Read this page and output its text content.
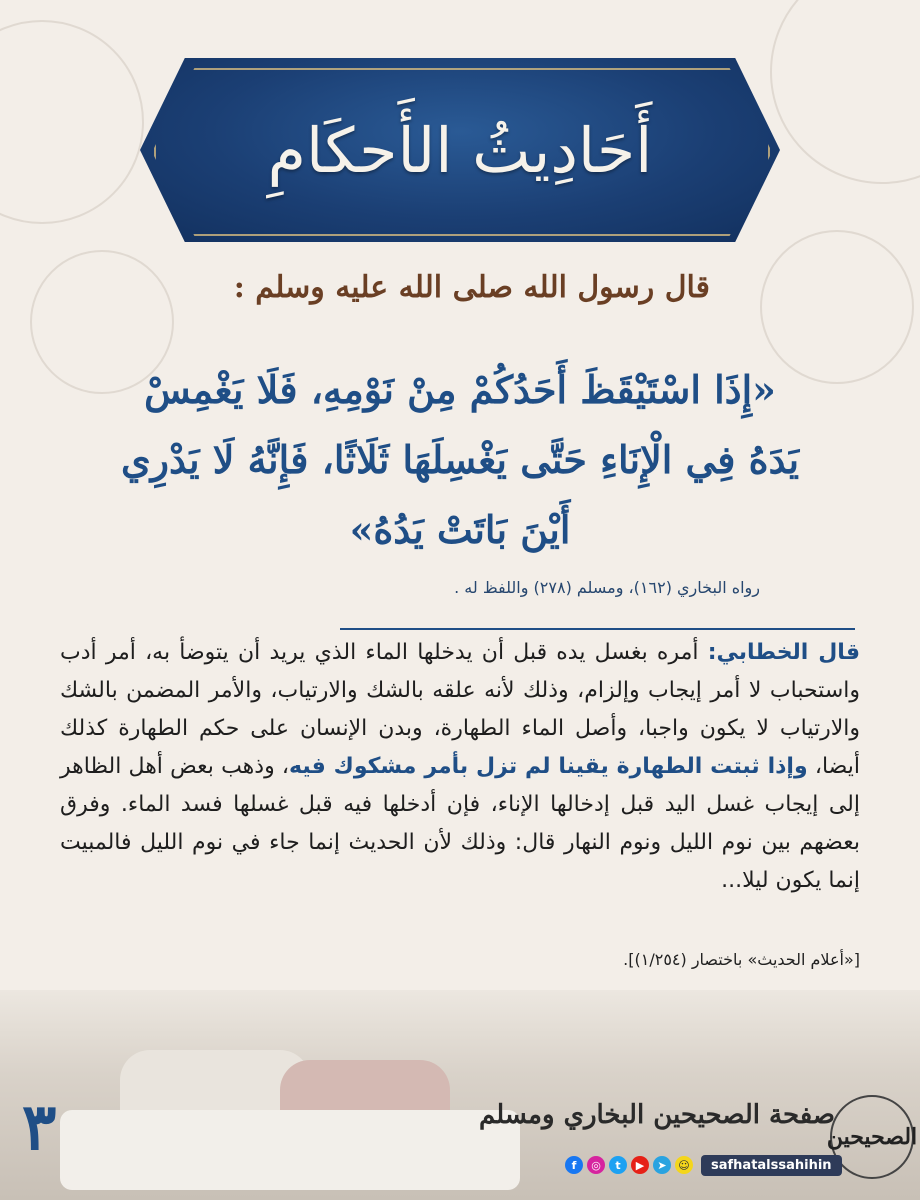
أَحَادِيثُ الأَحكَامِ
قال رسول الله صلى الله عليه وسلم :
«إِذَا اسْتَيْقَظَ أَحَدُكُمْ مِنْ نَوْمِهِ، فَلَا يَغْمِسْ
يَدَهُ فِي الْإِنَاءِ حَتَّى يَغْسِلَهَا ثَلَاثًا، فَإِنَّهُ لَا يَدْرِي
أَيْنَ بَاتَتْ يَدُهُ»
رواه البخاري (١٦٢)، ومسلم (٢٧٨) واللفظ له .
قال الخطابي: أمره بغسل يده قبل أن يدخلها الماء الذي يريد أن يتوضأ به، أمر أدب واستحباب لا أمر إيجاب وإلزام، وذلك لأنه علقه بالشك والارتياب، والأمر المضمن بالشك والارتياب لا يكون واجبا، وأصل الماء الطهارة، وبدن الإنسان على حكم الطهارة كذلك أيضا، وإذا ثبتت الطهارة يقينا لم تزل بأمر مشكوك فيه، وذهب بعض أهل الظاهر إلى إيجاب غسل اليد قبل إدخالها الإناء، فإن أدخلها فيه قبل غسلها فسد الماء. وفرق بعضهم بين نوم الليل ونوم النهار قال: وذلك لأن الحديث إنما جاء في نوم الليل فالمبيت إنما يكون ليلا...
[«أعلام الحديث» باختصار (١/٢٥٤)].
٣	صفحة الصحيحين البخاري ومسلم
الصحيحين
f	◎	t	▶	➤	☺	safhatalssahihin
